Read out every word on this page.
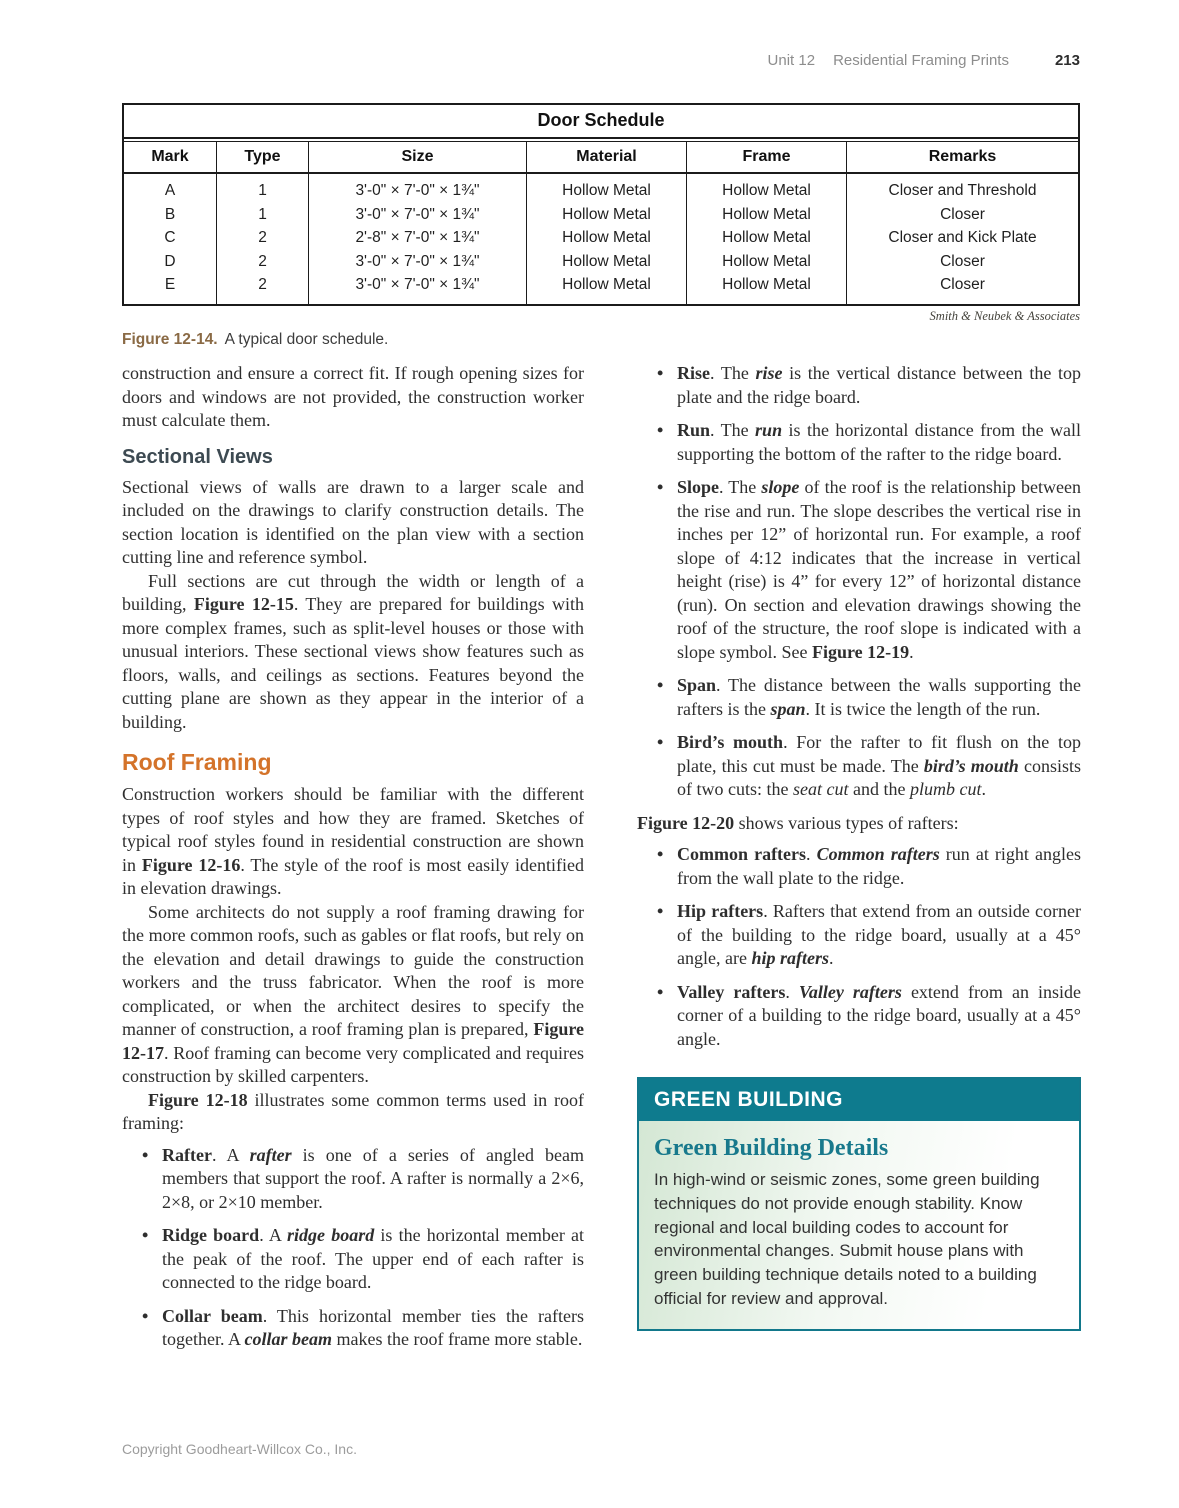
Unit 12 Residential Framing Prints	213
Door Schedule
Mark	Type	Size	Material	Frame	Remarks
A	1	3'-0" × 7'-0" × 1¾"	Hollow Metal	Hollow Metal	Closer and Threshold
B	1	3'-0" × 7'-0" × 1¾"	Hollow Metal	Hollow Metal	Closer
C	2	2'-8" × 7'-0" × 1¾"	Hollow Metal	Hollow Metal	Closer and Kick Plate
D	2	3'-0" × 7'-0" × 1¾"	Hollow Metal	Hollow Metal	Closer
E	2	3'-0" × 7'-0" × 1¾"	Hollow Metal	Hollow Metal	Closer
Smith & Neubek & Associates
Figure 12-14. A typical door schedule.

construction and ensure a correct fit. If rough opening sizes for doors and windows are not provided, the construction worker must calculate them.

Sectional Views

Sectional views of walls are drawn to a larger scale and included on the drawings to clarify construction details. The section location is identified on the plan view with a section cutting line and reference symbol.

Full sections are cut through the width or length of a building, Figure 12-15. They are prepared for buildings with more complex frames, such as split-level houses or those with unusual interiors. These sectional views show features such as floors, walls, and ceilings as sections. Features beyond the cutting plane are shown as they appear in the interior of a building.

Roof Framing

Construction workers should be familiar with the different types of roof styles and how they are framed. Sketches of typical roof styles found in residential construction are shown in Figure 12-16. The style of the roof is most easily identified in elevation drawings.

Some architects do not supply a roof framing drawing for the more common roofs, such as gables or flat roofs, but rely on the elevation and detail drawings to guide the construction workers and the truss fabricator. When the roof is more complicated, or when the architect desires to specify the manner of construction, a roof framing plan is prepared, Figure 12-17. Roof framing can become very complicated and requires construction by skilled carpenters.

Figure 12-18 illustrates some common terms used in roof framing:

• Rafter. A rafter is one of a series of angled beam members that support the roof. A rafter is normally a 2×6, 2×8, or 2×10 member.
• Ridge board. A ridge board is the horizontal member at the peak of the roof. The upper end of each rafter is connected to the ridge board.
• Collar beam. This horizontal member ties the rafters together. A collar beam makes the roof frame more stable.
• Rise. The rise is the vertical distance between the top plate and the ridge board.
• Run. The run is the horizontal distance from the wall supporting the bottom of the rafter to the ridge board.
• Slope. The slope of the roof is the relationship between the rise and run. The slope describes the vertical rise in inches per 12” of horizontal run. For example, a roof slope of 4:12 indicates that the increase in vertical height (rise) is 4” for every 12” of horizontal distance (run). On section and elevation drawings showing the roof of the structure, the roof slope is indicated with a slope symbol. See Figure 12-19.
• Span. The distance between the walls supporting the rafters is the span. It is twice the length of the run.
• Bird’s mouth. For the rafter to fit flush on the top plate, this cut must be made. The bird’s mouth consists of two cuts: the seat cut and the plumb cut.

Figure 12-20 shows various types of rafters:

• Common rafters. Common rafters run at right angles from the wall plate to the ridge.
• Hip rafters. Rafters that extend from an outside corner of the building to the ridge board, usually at a 45° angle, are hip rafters.
• Valley rafters. Valley rafters extend from an inside corner of a building to the ridge board, usually at a 45° angle.
GREEN BUILDING
Green Building Details
In high-wind or seismic zones, some green building techniques do not provide enough stability. Know regional and local building codes to account for environmental changes. Submit house plans with green building technique details noted to a building official for review and approval.
Copyright Goodheart-Willcox Co., Inc.
